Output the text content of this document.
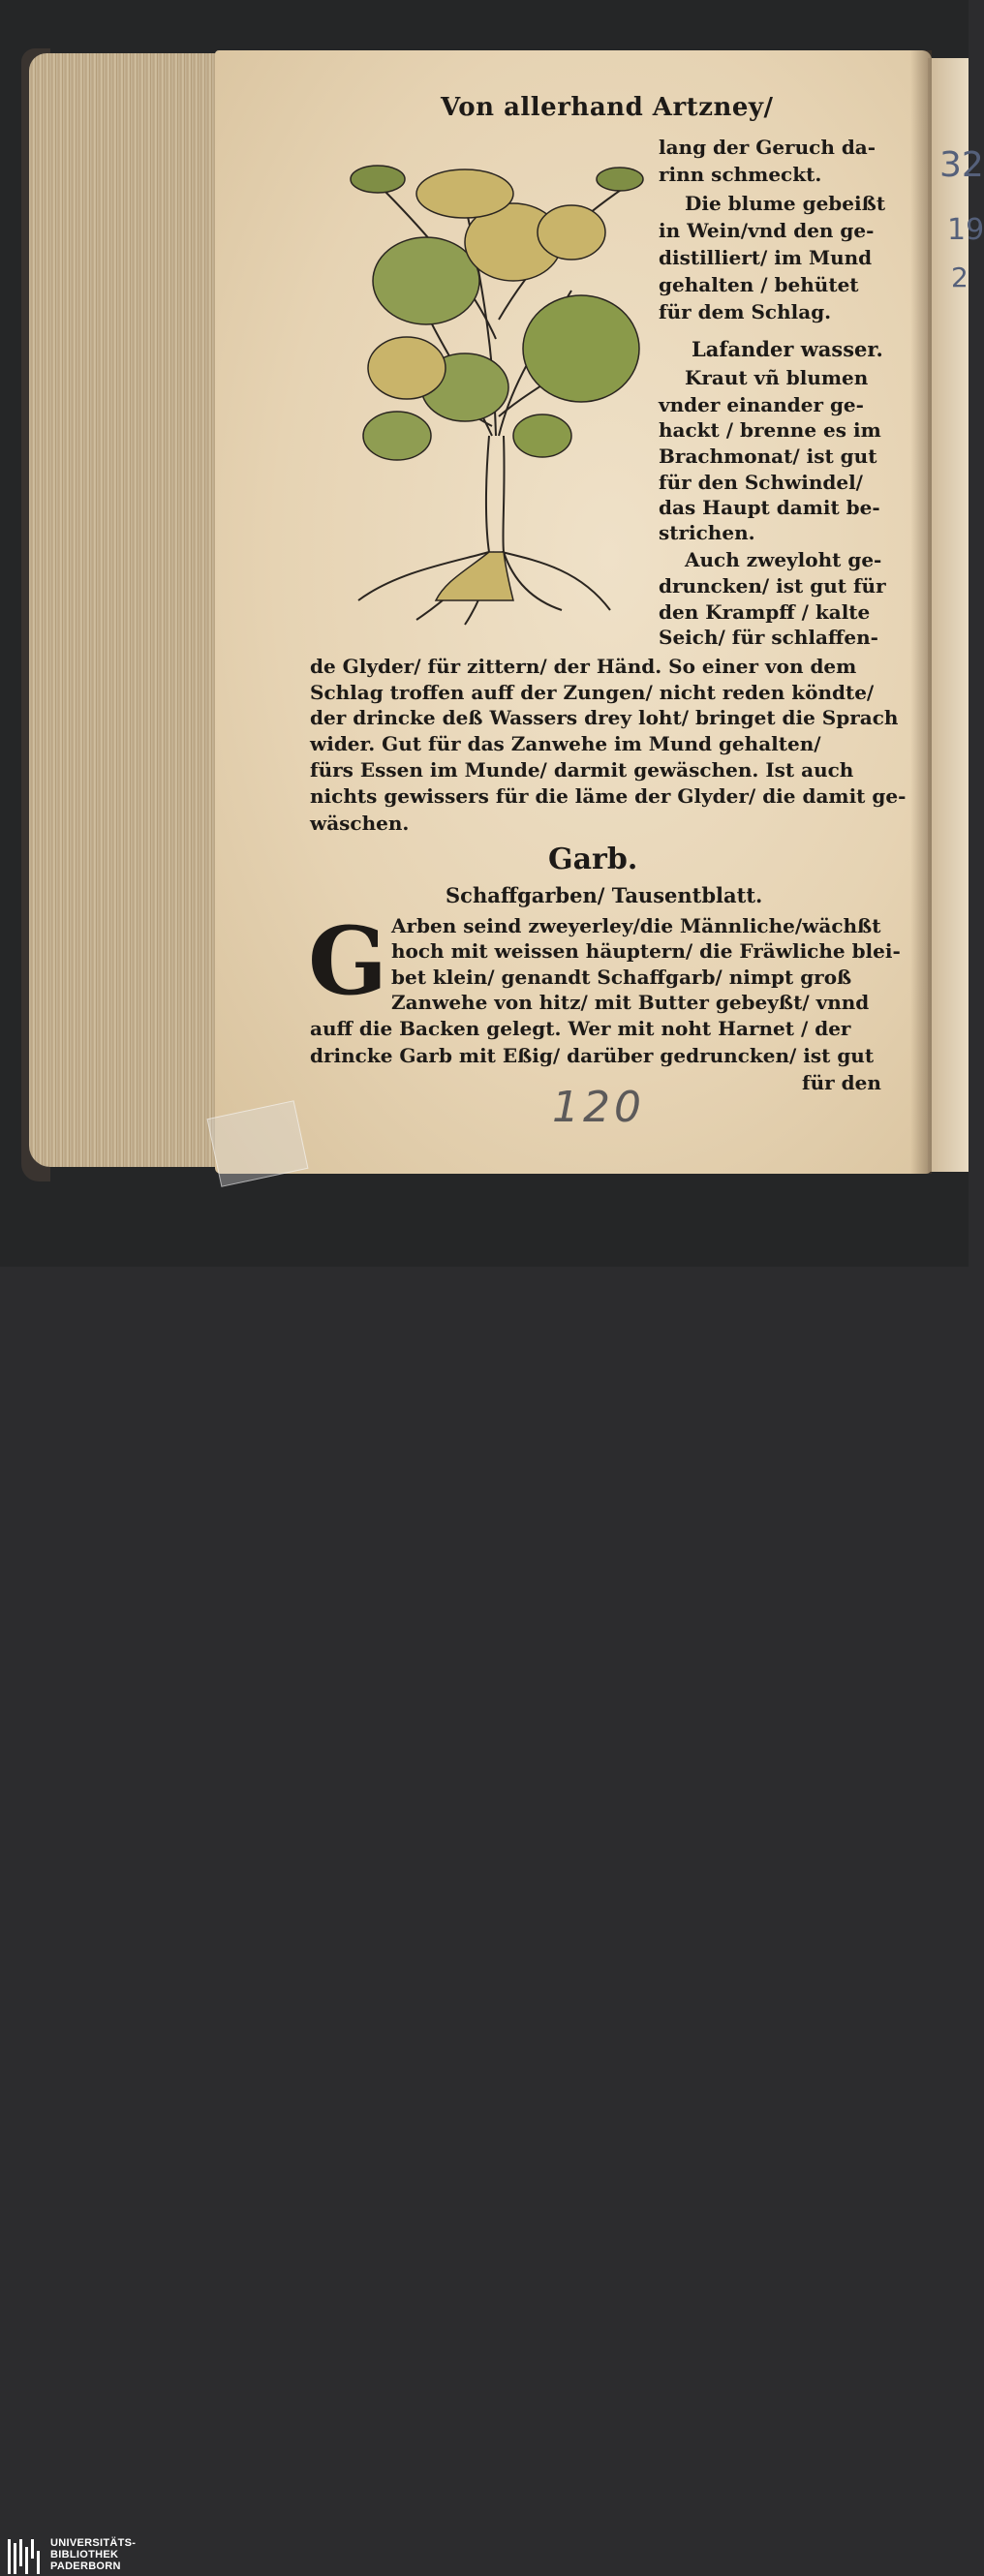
Von allerhand Artzney/
lang der Geruch da-
rinn schmeckt.
Die blume gebeißt
in Wein/vnd den ge-
distilliert/ im Mund
gehalten / behütet
für dem Schlag.
Lafander wasser.
Kraut vñ blumen
vnder einander ge-
hackt / brenne es im
Brachmonat/ ist gut
für den Schwindel/
das Haupt damit be-
strichen.
Auch zweyloht ge-
druncken/ ist gut für
den Krampff / kalte
Seich/ für schlaffen-
de Glyder/ für zittern/ der Händ. So einer von dem
Schlag troffen auff der Zungen/ nicht reden köndte/
der drincke deß Wassers drey loht/ bringet die Sprach
wider. Gut für das Zanwehe im Mund gehalten/
fürs Essen im Munde/ darmit gewäschen. Ist auch
nichts gewissers für die läme der Glyder/ die damit ge-
wäschen.
Garb.
Schaffgarben/ Tausentblatt.
G Arben seind zweyerley/die Männliche/wächßt
hoch mit weissen häuptern/ die Fräwliche blei-
bet klein/ genandt Schaffgarb/ nimpt groß
Zanwehe von hitz/ mit Butter gebeyßt/ vnnd
auff die Backen gelegt. Wer mit noht Harnet / der
drincke Garb mit Eßig/ darüber gedruncken/ ist gut
für den
120
32
19
2
UNIVERSITÄTS-
BIBLIOTHEK
PADERBORN
